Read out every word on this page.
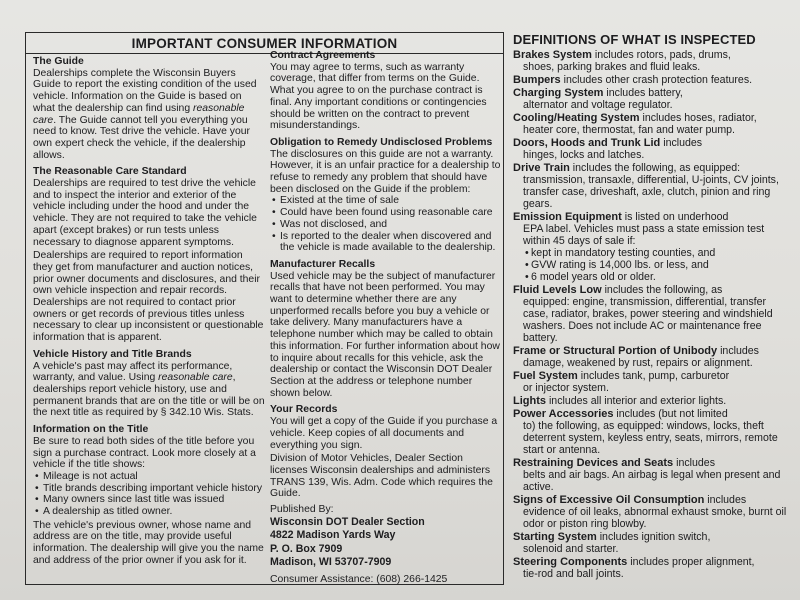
IMPORTANT CONSUMER INFORMATION
The Guide

Dealerships complete the Wisconsin Buyers Guide to report the existing condition of the used vehicle. Information on the Guide is based on what the dealership can find using reasonable care. The Guide cannot tell you everything you need to know. Test drive the vehicle. Have your own expert check the vehicle, if the dealership allows.

The Reasonable Care Standard

Dealerships are required to test drive the vehicle and to inspect the interior and exterior of the vehicle including under the hood and under the vehicle. They are not required to take the vehicle apart (except brakes) or run tests unless necessary to diagnose apparent symptoms.

Dealerships are required to report information they get from manufacturer and auction notices, prior owner documents and disclosures, and their own vehicle inspection and repair records. Dealerships are not required to contact prior owners or get records of previous titles unless necessary to clear up inconsistent or questionable information that is apparent.

Vehicle History and Title Brands

A vehicle's past may affect its performance, warranty, and value. Using reasonable care, dealerships report vehicle history, use and permanent brands that are on the title or will be on the next title as required by § 342.10 Wis. Stats.

Information on the Title

Be sure to read both sides of the title before you sign a purchase contract. Look more closely at a vehicle if the title shows:

• Mileage is not actual
• Title brands describing important vehicle history
• Many owners since last title was issued
• A dealership as titled owner.

The vehicle's previous owner, whose name and address are on the title, may provide useful information. The dealership will give you the name and address of the prior owner if you ask for it.

Contract Agreements

You may agree to terms, such as warranty coverage, that differ from terms on the Guide. What you agree to on the purchase contract is final. Any important conditions or contingencies should be written on the contract to prevent misunderstandings.

Obligation to Remedy Undisclosed Problems

The disclosures on this guide are not a warranty. However, it is an unfair practice for a dealership to refuse to remedy any problem that should have been disclosed on the Guide if the problem:

• Existed at the time of sale
• Could have been found using reasonable care
• Was not disclosed, and
• Is reported to the dealer when discovered and the vehicle is made available to the dealership.
Manufacturer Recalls

Used vehicle may be the subject of manufacturer recalls that have not been performed. You may want to determine whether there are any unperformed recalls before you buy a vehicle or take delivery. Many manufacturers have a telephone number which may be called to obtain this information. For further information about how to inquire about recalls for this vehicle, ask the dealership or contact the Wisconsin DOT Dealer Section at the address or telephone number shown below.

Your Records

You will get a copy of the Guide if you purchase a vehicle. Keep copies of all documents and everything you sign.

Division of Motor Vehicles, Dealer Section licenses Wisconsin dealerships and administers TRANS 139, Wis. Adm. Code which requires the Guide.

Published By:
Wisconsin DOT Dealer Section
4822 Madison Yards Way
P. O. Box 7909
Madison, WI 53707-7909
Consumer Assistance: (608) 266-1425
DEFINITIONS OF WHAT IS INSPECTED
Brakes System includes rotors, pads, drums,
shoes, parking brakes and fluid leaks.
Bumpers includes other crash protection features.
Charging System includes battery,
alternator and voltage regulator.
Cooling/Heating System includes hoses, radiator,
heater core, thermostat, fan and water pump.
Doors, Hoods and Trunk Lid includes
hinges, locks and latches.
Drive Train includes the following, as equipped:
transmission, transaxle, differential, U-joints, CV joints, transfer case, driveshaft, axle, clutch, pinion and ring gears.
Emission Equipment is listed on underhood
EPA label. Vehicles must pass a state emission test within 45 days of sale if:
• kept in mandatory testing counties, and
• GVW rating is 14,000 lbs. or less, and
• 6 model years old or older.
Fluid Levels Low includes the following, as
equipped: engine, transmission, differential, transfer case, radiator, brakes, power steering and windshield washers. Does not include AC or maintenance free battery.
Frame or Structural Portion of Unibody includes
damage, weakened by rust, repairs or alignment.
Fuel System includes tank, pump, carburetor
or injector system.
Lights includes all interior and exterior lights.
Power Accessories includes (but not limited
to) the following, as equipped: windows, locks, theft deterrent system, keyless entry, seats, mirrors, remote start or antenna.
Restraining Devices and Seats includes
belts and air bags. An airbag is legal when present and active.
Signs of Excessive Oil Consumption includes
evidence of oil leaks, abnormal exhaust smoke, burnt oil odor or piston ring blowby.
Starting System includes ignition switch,
solenoid and starter.
Steering Components includes proper alignment,
tie-rod and ball joints.
